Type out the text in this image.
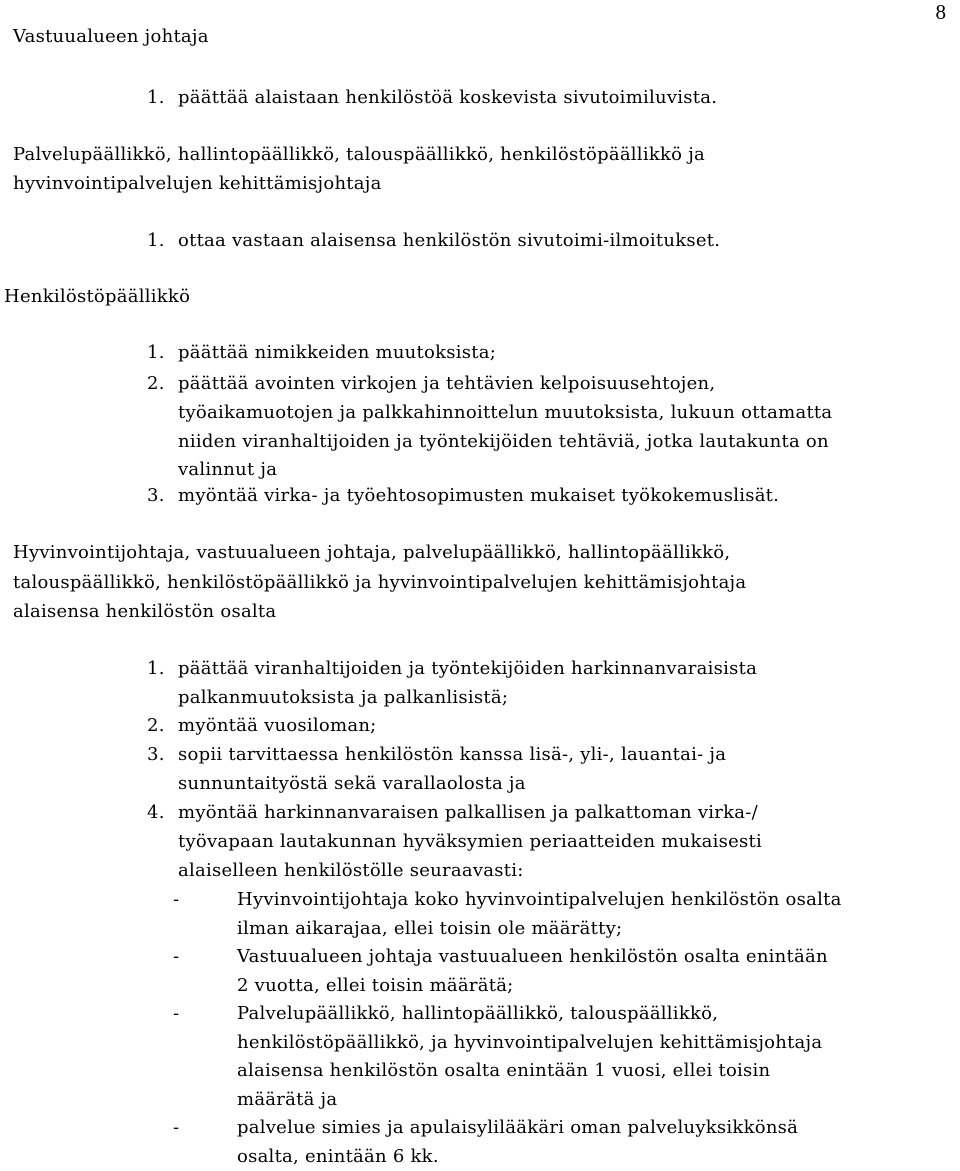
8
Vastuualueen johtaja
1. päättää alaistaan henkilöstöä koskevista sivutoimiluvista.
Palvelupäällikkö, hallintopäällikkö, talouspäällikkö, henkilöstöpäällikkö ja
hyvinvointipalvelujen kehittämisjohtaja
1. ottaa vastaan alaisensa henkilöstön sivutoimi-ilmoitukset.
Henkilöstöpäällikkö
1. päättää nimikkeiden muutoksista;
2. päättää avointen virkojen ja tehtävien kelpoisuusehtojen,
työaikamuotojen ja palkkahinnoittelun muutoksista, lukuun ottamatta
niiden viranhaltijoiden ja työntekijöiden tehtäviä, jotka lautakunta on
valinnut ja
3. myöntää virka- ja työehtosopimusten mukaiset työkokemuslisät.
Hyvinvointijohtaja, vastuualueen johtaja, palvelupäällikkö, hallintopäällikkö,
talouspäällikkö, henkilöstöpäällikkö ja hyvinvointipalvelujen kehittämisjohtaja
alaisensa henkilöstön osalta
1. päättää viranhaltijoiden ja työntekijöiden harkinnanvaraisista
palkanmuutoksista ja palkanlisistä;
2. myöntää vuosiloman;
3. sopii tarvittaessa henkilöstön kanssa lisä-, yli-, lauantai- ja
sunnuntaityöstä sekä varallaolosta ja
4. myöntää harkinnanvaraisen palkallisen ja palkattoman virka-/
työvapaan lautakunnan hyväksymien periaatteiden mukaisesti
alaiselleen henkilöstölle seuraavasti:
-	Hyvinvointijohtaja koko hyvinvointipalvelujen henkilöstön osalta
ilman aikarajaa, ellei toisin ole määrätty;
-	Vastuualueen johtaja vastuualueen henkilöstön osalta enintään
2 vuotta, ellei toisin määrätä;
-	Palvelupäällikkö, hallintopäällikkö, talouspäällikkö,
henkilöstöpäällikkö, ja hyvinvointipalvelujen kehittämisjohtaja
alaisensa henkilöstön osalta enintään 1 vuosi, ellei toisin
määrätä ja
-	palvelue simies ja apulaisylilääkäri oman palveluyksikkönsä
osalta, enintään 6 kk.
